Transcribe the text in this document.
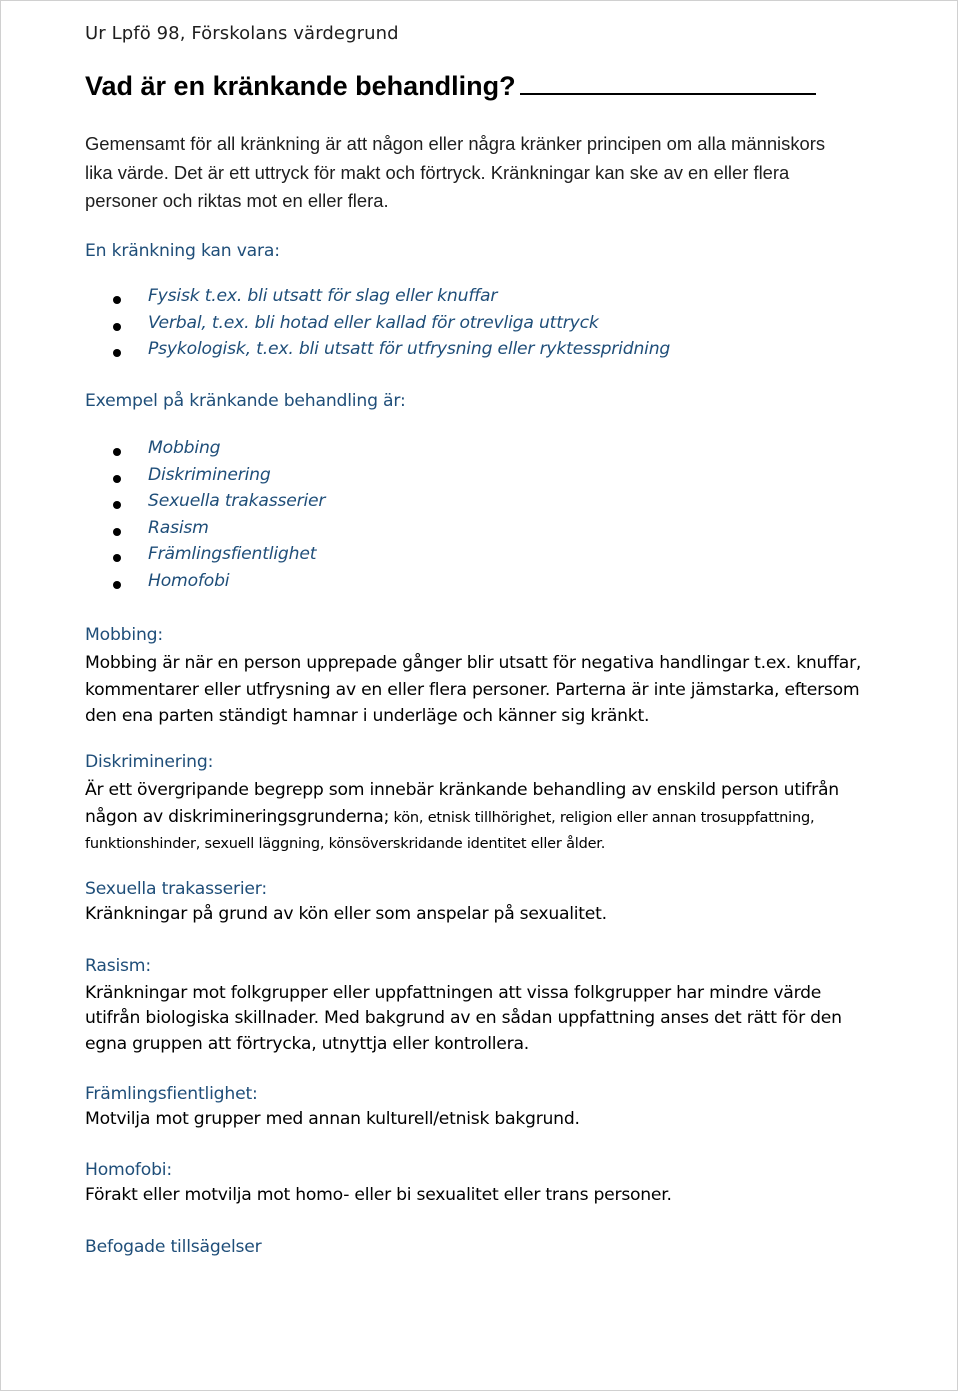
Ur Lpfö 98, Förskolans värdegrund
Vad är en kränkande behandling?
Gemensamt för all kränkning är att någon eller några kränker principen om alla människors
lika värde. Det är ett uttryck för makt och förtryck. Kränkningar kan ske av en eller flera
personer och riktas mot en eller flera.
En kränkning kan vara:
Fysisk t.ex. bli utsatt för slag eller knuffar
Verbal, t.ex. bli hotad eller kallad för otrevliga uttryck
Psykologisk, t.ex. bli utsatt för utfrysning eller ryktesspridning
Exempel på kränkande behandling är:
Mobbing
Diskriminering
Sexuella trakasserier
Rasism
Främlingsfientlighet
Homofobi
Mobbing:
Mobbing är när en person upprepade gånger blir utsatt för negativa handlingar t.ex. knuffar,
kommentarer eller utfrysning av en eller flera personer. Parterna är inte jämstarka, eftersom
den ena parten ständigt hamnar i underläge och känner sig kränkt.
Diskriminering:
Är ett övergripande begrepp som innebär kränkande behandling av enskild person utifrån
någon av diskrimineringsgrunderna; kön, etnisk tillhörighet, religion eller annan trosuppfattning,
funktionshinder, sexuell läggning, könsöverskridande identitet eller ålder.
Sexuella trakasserier:
Kränkningar på grund av kön eller som anspelar på sexualitet.
Rasism:
Kränkningar mot folkgrupper eller uppfattningen att vissa folkgrupper har mindre värde
utifrån biologiska skillnader. Med bakgrund av en sådan uppfattning anses det rätt för den
egna gruppen att förtrycka, utnyttja eller kontrollera.
Främlingsfientlighet:
Motvilja mot grupper med annan kulturell/etnisk bakgrund.
Homofobi:
Förakt eller motvilja mot homo- eller bi sexualitet eller trans personer.
Befogade tillsägelser
